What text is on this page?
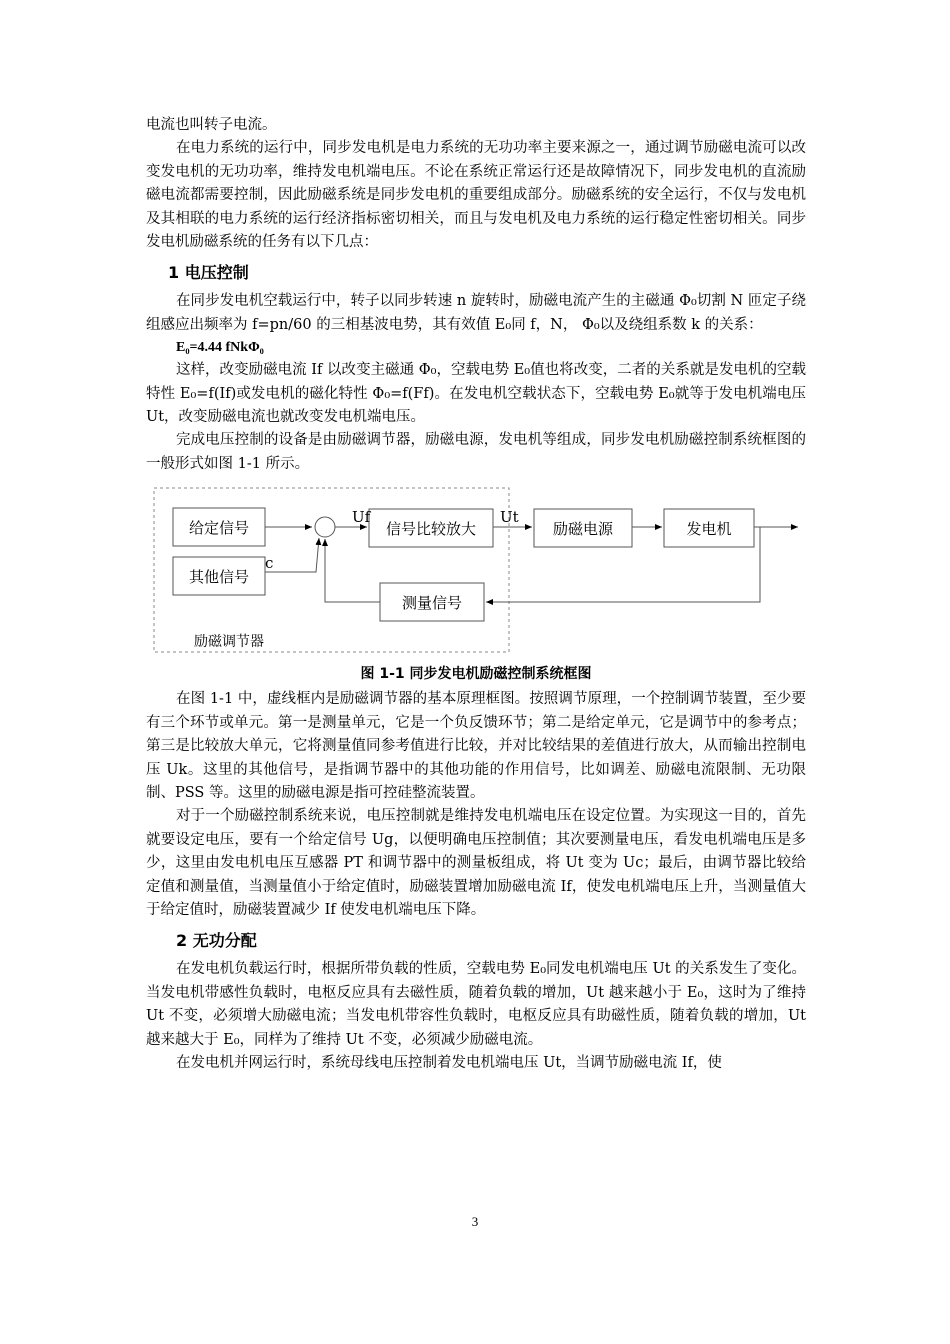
电流也叫转子电流。

在电力系统的运行中，同步发电机是电力系统的无功功率主要来源之一，通过调节励磁电流可以改变发电机的无功功率，维持发电机端电压。不论在系统正常运行还是故障情况下，同步发电机的直流励磁电流都需要控制，因此励磁系统是同步发电机的重要组成部分。励磁系统的安全运行，不仅与发电机及其相联的电力系统的运行经济指标密切相关，而且与发电机及电力系统的运行稳定性密切相关。同步发电机励磁系统的任务有以下几点：

1 电压控制

在同步发电机空载运行中，转子以同步转速 n 旋转时，励磁电流产生的主磁通 Φ₀切割 N 匝定子绕组感应出频率为 f=pn/60 的三相基波电势，其有效值 E₀同 f，N， Φ₀以及绕组系数 k 的关系：

E₀=4.44 fNkΦ₀

这样，改变励磁电流 If 以改变主磁通 Φ₀，空载电势 E₀值也将改变，二者的关系就是发电机的空载特性 E₀=f(If)或发电机的磁化特性 Φ₀=f(Ff)。在发电机空载状态下，空载电势 E₀就等于发电机端电压 Ut，改变励磁电流也就改变发电机端电压。

完成电压控制的设备是由励磁调节器，励磁电源，发电机等组成，同步发电机励磁控制系统框图的一般形式如图 1-1 所示。

给定信号
其他信号
信号比较放大	励磁电源	发电机
测量信号
Uf	Ut
c
励磁调节器
图 1-1 同步发电机励磁控制系统框图

在图 1-1 中，虚线框内是励磁调节器的基本原理框图。按照调节原理，一个控制调节装置，至少要有三个环节或单元。第一是测量单元，它是一个负反馈环节；第二是给定单元，它是调节中的参考点；第三是比较放大单元，它将测量值同参考值进行比较，并对比较结果的差值进行放大，从而输出控制电压 Uk。这里的其他信号，是指调节器中的其他功能的作用信号，比如调差、励磁电流限制、无功限制、PSS 等。这里的励磁电源是指可控硅整流装置。

对于一个励磁控制系统来说，电压控制就是维持发电机端电压在设定位置。为实现这一目的，首先就要设定电压，要有一个给定信号 Ug，以便明确电压控制值；其次要测量电压，看发电机端电压是多少，这里由发电机电压互感器 PT 和调节器中的测量板组成，将 Ut 变为 Uc；最后，由调节器比较给定值和测量值，当测量值小于给定值时，励磁装置增加励磁电流 If，使发电机端电压上升，当测量值大于给定值时，励磁装置减少 If 使发电机端电压下降。

2 无功分配

在发电机负载运行时，根据所带负载的性质，空载电势 E₀同发电机端电压 Ut 的关系发生了变化。当发电机带感性负载时，电枢反应具有去磁性质，随着负载的增加，Ut 越来越小于 E₀，这时为了维持 Ut 不变，必须增大励磁电流；当发电机带容性负载时，电枢反应具有助磁性质，随着负载的增加，Ut 越来越大于 E₀，同样为了维持 Ut 不变，必须减少励磁电流。

在发电机并网运行时，系统母线电压控制着发电机端电压 Ut，当调节励磁电流 If，使

3
